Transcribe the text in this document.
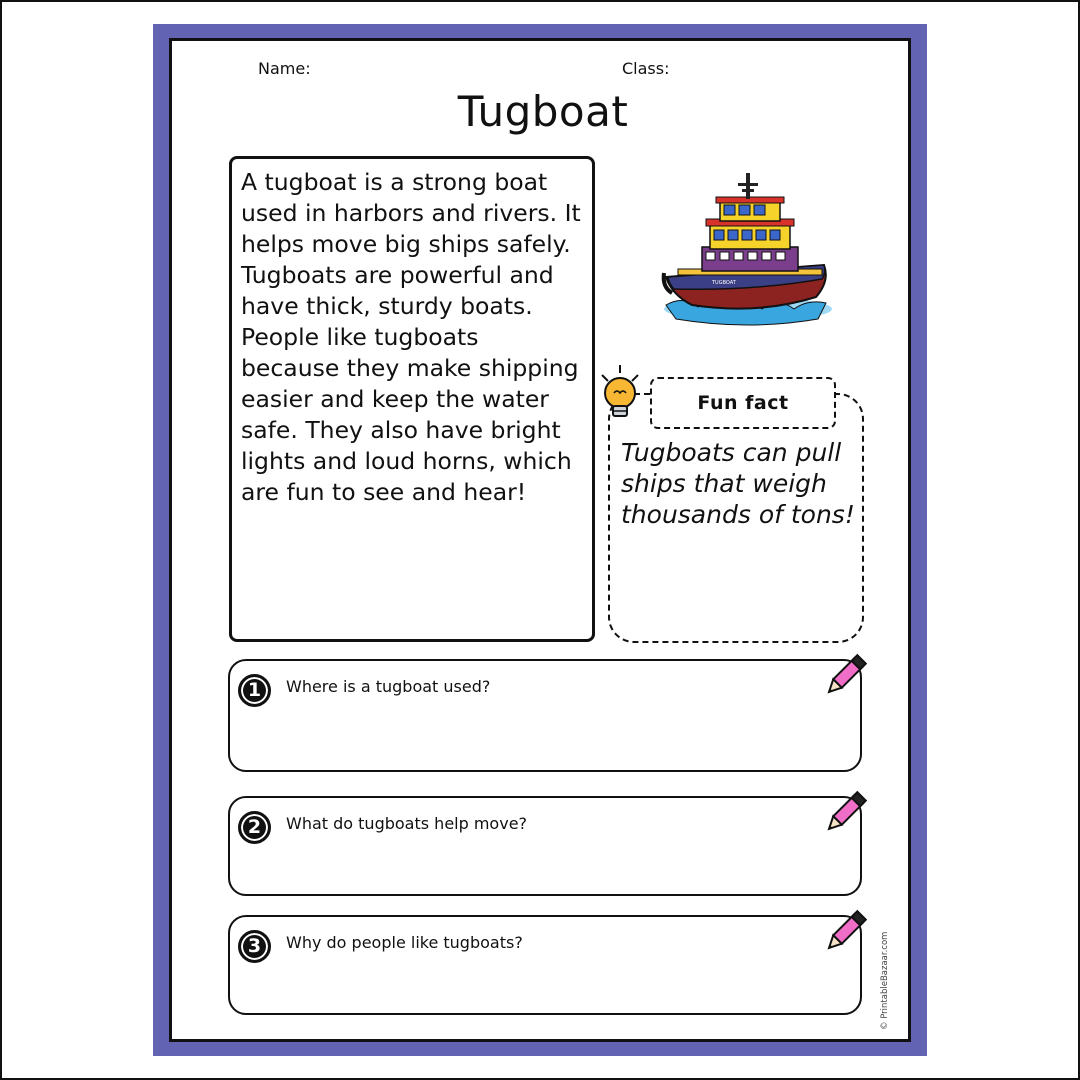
Name:	Class:
Tugboat

A tugboat is a strong boat used in harbors and rivers. It helps move big ships safely. Tugboats are powerful and have thick, sturdy boats. People like tugboats because they make shipping easier and keep the water safe. They also have bright lights and loud horns, which are fun to see and hear!

TUGBOAT
Fun fact

Tugboats can pull ships that weigh thousands of tons!

1	Where is a tugboat used?
2	What do tugboats help move?
3	Why do people like tugboats?	© PrintableBazaar.com
